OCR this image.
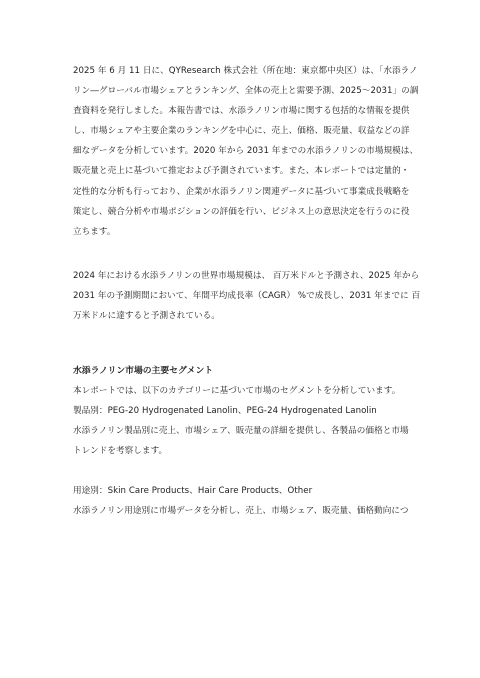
2025 年 6 月 11 日に、QYResearch 株式会社（所在地：東京都中央区）は、「水添ラノ
リン―グローバル市場シェアとランキング、全体の売上と需要予測、2025～2031」の調
査資料を発行しました。本報告書では、水添ラノリン市場に関する包括的な情報を提供
し、市場シェアや主要企業のランキングを中心に、売上、価格、販売量、収益などの詳
細なデータを分析しています。2020 年から 2031 年までの水添ラノリンの市場規模は、
販売量と売上に基づいて推定および予測されています。また、本レポートでは定量的・
定性的な分析も行っており、企業が水添ラノリン関連データに基づいて事業成長戦略を
策定し、競合分析や市場ポジションの評価を行い、ビジネス上の意思決定を行うのに役
立ちます。
2024 年における水添ラノリンの世界市場規模は、 百万米ドルと予測され、2025 年から
2031 年の予測期間において、年間平均成長率（CAGR） %で成長し、2031 年までに 百
万米ドルに達すると予測されている。
水添ラノリン市場の主要セグメント
本レポートでは、以下のカテゴリーに基づいて市場のセグメントを分析しています。
製品別：PEG-20 Hydrogenated Lanolin、PEG-24 Hydrogenated Lanolin
水添ラノリン製品別に売上、市場シェア、販売量の詳細を提供し、各製品の価格と市場
トレンドを考察します。
用途別：Skin Care Products、Hair Care Products、Other
水添ラノリン用途別に市場データを分析し、売上、市場シェア、販売量、価格動向につ
